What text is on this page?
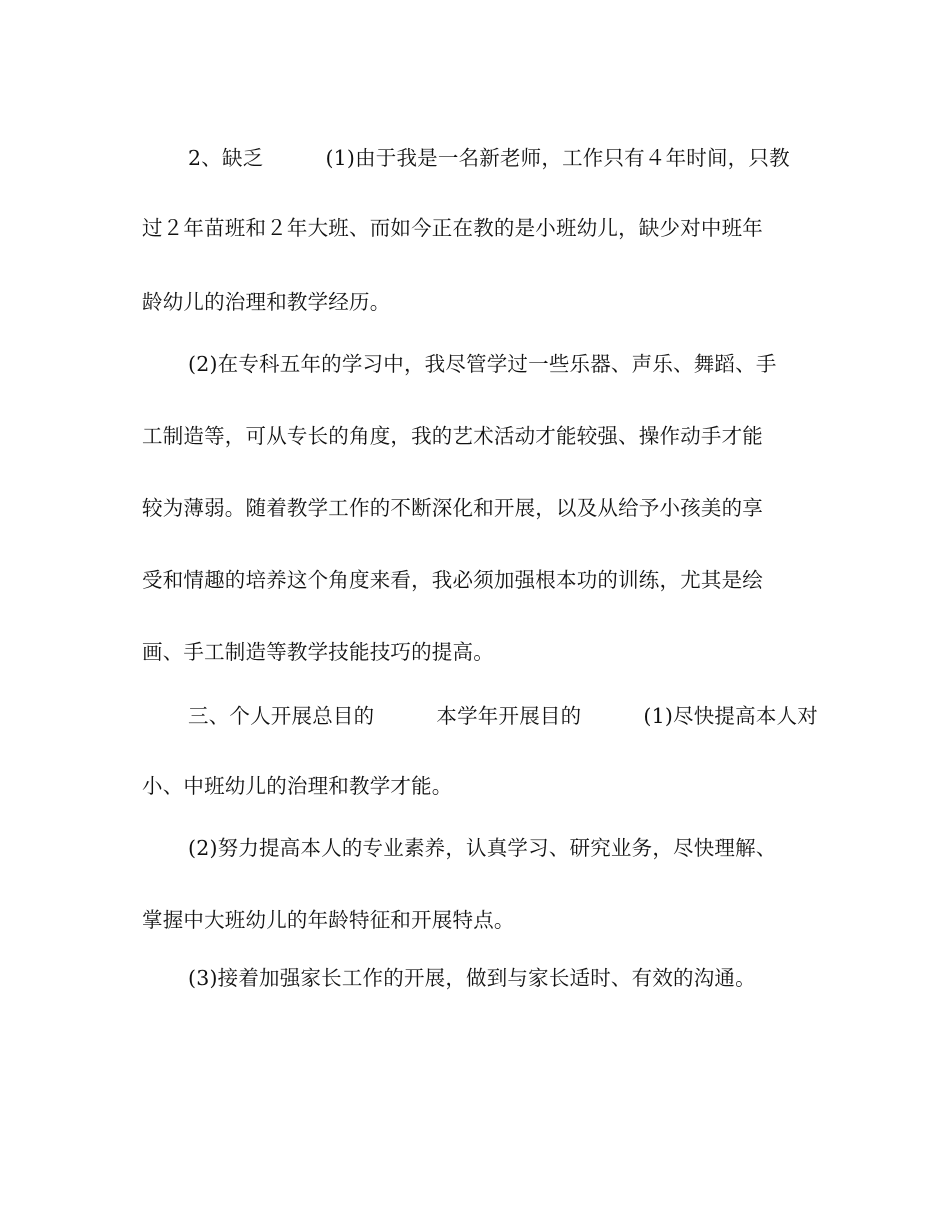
2、缺乏　　　(1)由于我是一名新老师，工作只有４年时间，只教
过２年苗班和２年大班、而如今正在教的是小班幼儿，缺少对中班年
龄幼儿的治理和教学经历。
(2)在专科五年的学习中，我尽管学过一些乐器、声乐、舞蹈、手
工制造等，可从专长的角度，我的艺术活动才能较强、操作动手才能
较为薄弱。随着教学工作的不断深化和开展，以及从给予小孩美的享
受和情趣的培养这个角度来看，我必须加强根本功的训练，尤其是绘
画、手工制造等教学技能技巧的提高。
三、个人开展总目的　　　本学年开展目的　　　(1)尽快提高本人对
小、中班幼儿的治理和教学才能。
(2)努力提高本人的专业素养，认真学习、研究业务，尽快理解、
掌握中大班幼儿的年龄特征和开展特点。
(3)接着加强家长工作的开展，做到与家长适时、有效的沟通。
